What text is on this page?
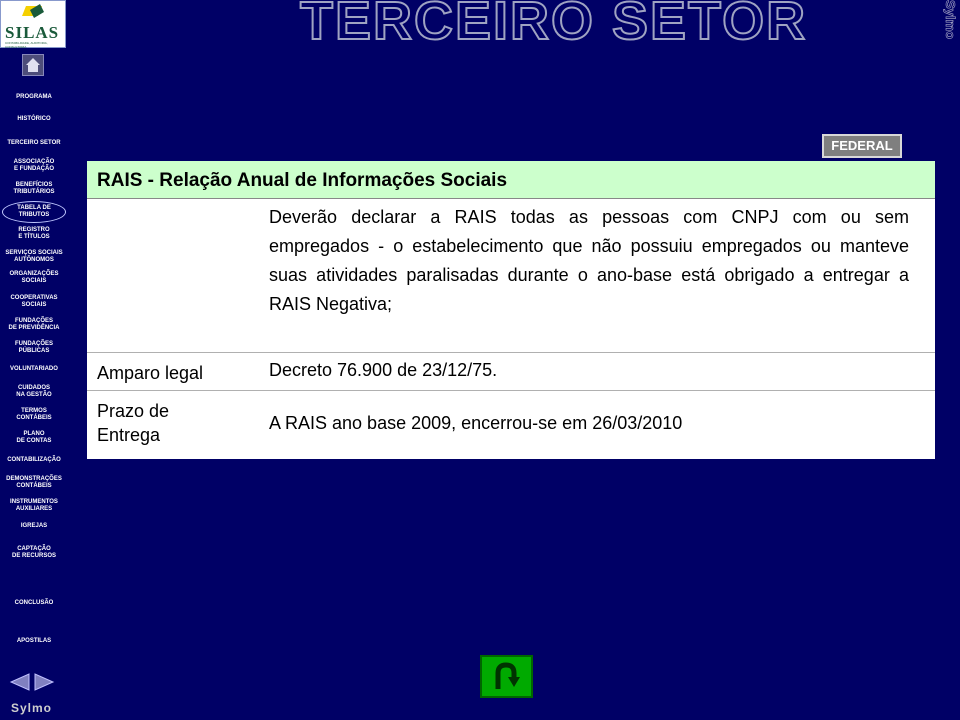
SILAS
CONTABILIDADE, AUDITORIA, CONSULTORIA
PROGRAMA
HISTÓRICO
TERCEIRO SETOR
ASSOCIAÇÃO
E FUNDAÇÃO
BENEFÍCIOS
TRIBUTÁRIOS
TABELA DE
TRIBUTOS
REGISTRO
E TÍTULOS
SERVIÇOS SOCIAIS
AUTÔNOMOS
ORGANIZAÇÕES
SOCIAIS
COOPERATIVAS
SOCIAIS
FUNDAÇÕES
DE PREVIDÊNCIA
FUNDAÇÕES
PÚBLICAS
VOLUNTARIADO
CUIDADOS
NA GESTÃO
TERMOS
CONTÁBEIS
PLANO
DE CONTAS
CONTABILIZAÇÃO
DEMONSTRAÇÕES
CONTÁBEIS
INSTRUMENTOS
AUXILIARES
IGREJAS
CAPTAÇÃO
DE RECURSOS
CONCLUSÃO
APOSTILAS
Sylmo
TERCEIRO SETOR	Sylmo
FEDERAL
RAIS - Relação Anual de Informações Sociais
Deverão declarar a RAIS todas as pessoas com CNPJ com ou sem empregados - o estabelecimento que não possuiu empregados ou manteve suas atividades paralisadas durante o ano-base está obrigado a entregar a RAIS Negativa;
Amparo legal	Decreto 76.900 de 23/12/75.
Prazo de Entrega
A RAIS ano base 2009, encerrou-se em 26/03/2010
